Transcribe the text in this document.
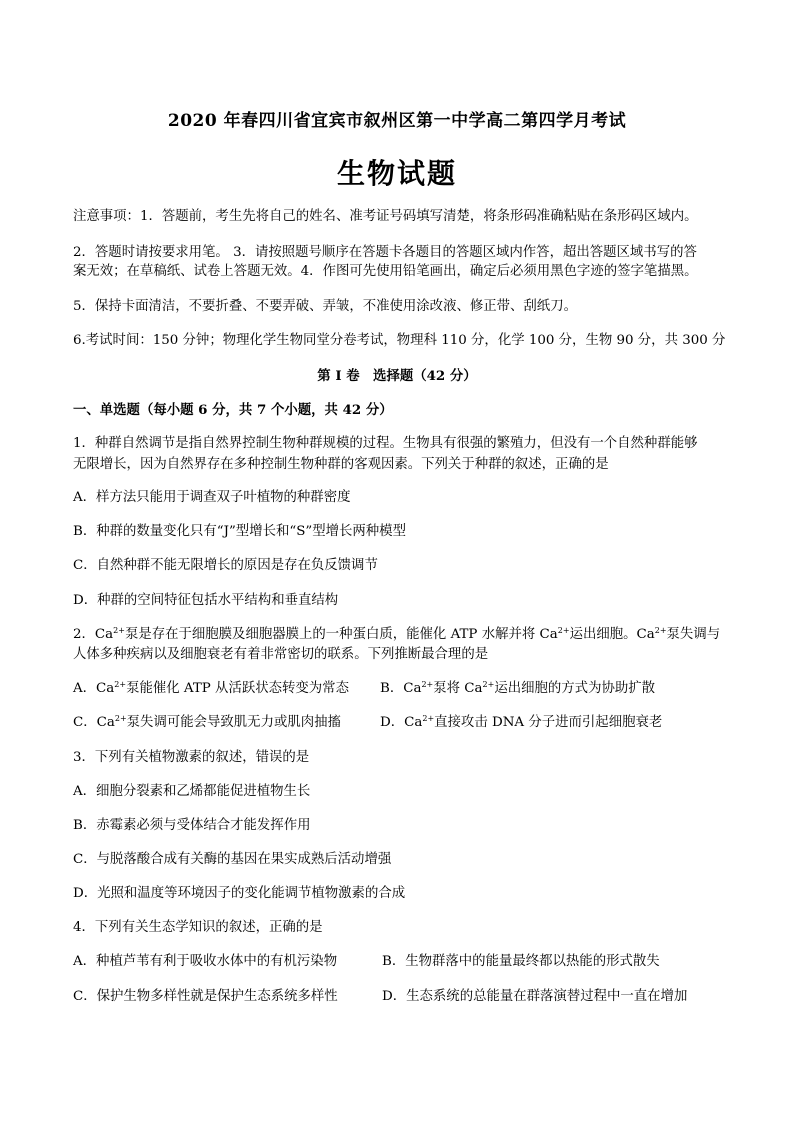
2020 年春四川省宜宾市叙州区第一中学高二第四学月考试
生物试题
注意事项：1．答题前，考生先将自己的姓名、准考证号码填写清楚，将条形码准确粘贴在条形码区域内。
2．答题时请按要求用笔。 3．请按照题号顺序在答题卡各题目的答题区域内作答，超出答题区域书写的答
案无效；在草稿纸、试卷上答题无效。4．作图可先使用铅笔画出，确定后必须用黑色字迹的签字笔描黑。
5．保持卡面清洁，不要折叠、不要弄破、弄皱，不准使用涂改液、修正带、刮纸刀。
6.考试时间：150 分钟；物理化学生物同堂分卷考试，物理科 110 分，化学 100 分，生物 90 分，共 300 分
第 I 卷　选择题（42 分）
一、单选题（每小题 6 分，共 7 个小题，共 42 分）
1．种群自然调节是指自然界控制生物种群规模的过程。生物具有很强的繁殖力，但没有一个自然种群能够
无限增长，因为自然界存在多种控制生物种群的客观因素。下列关于种群的叙述，正确的是
A．样方法只能用于调查双子叶植物的种群密度
B．种群的数量变化只有“J”型增长和“S”型增长两种模型
C．自然种群不能无限增长的原因是存在负反馈调节
D．种群的空间特征包括水平结构和垂直结构
2．$Ca^{2+}$泵是存在于细胞膜及细胞器膜上的一种蛋白质，能催化 ATP 水解并将 $Ca^{2+}$运出细胞。$Ca^{2+}$泵失调与
人体多种疾病以及细胞衰老有着非常密切的联系。下列推断最合理的是
A．$Ca^{2+}$泵能催化 ATP 从活跃状态转变为常态 B．$Ca^{2+}$泵将 $Ca^{2+}$运出细胞的方式为协助扩散
C．$Ca^{2+}$泵失调可能会导致肌无力或肌肉抽搐	D．$Ca^{2+}$直接攻击 DNA 分子进而引起细胞衰老
3．下列有关植物激素的叙述，错误的是
A．细胞分裂素和乙烯都能促进植物生长
B．赤霉素必须与受体结合才能发挥作用
C．与脱落酸合成有关酶的基因在果实成熟后活动增强
D．光照和温度等环境因子的变化能调节植物激素的合成
4．下列有关生态学知识的叙述，正确的是
A．种植芦苇有利于吸收水体中的有机污染物	B．生物群落中的能量最终都以热能的形式散失
C．保护生物多样性就是保护生态系统多样性	D．生态系统的总能量在群落演替过程中一直在增加
